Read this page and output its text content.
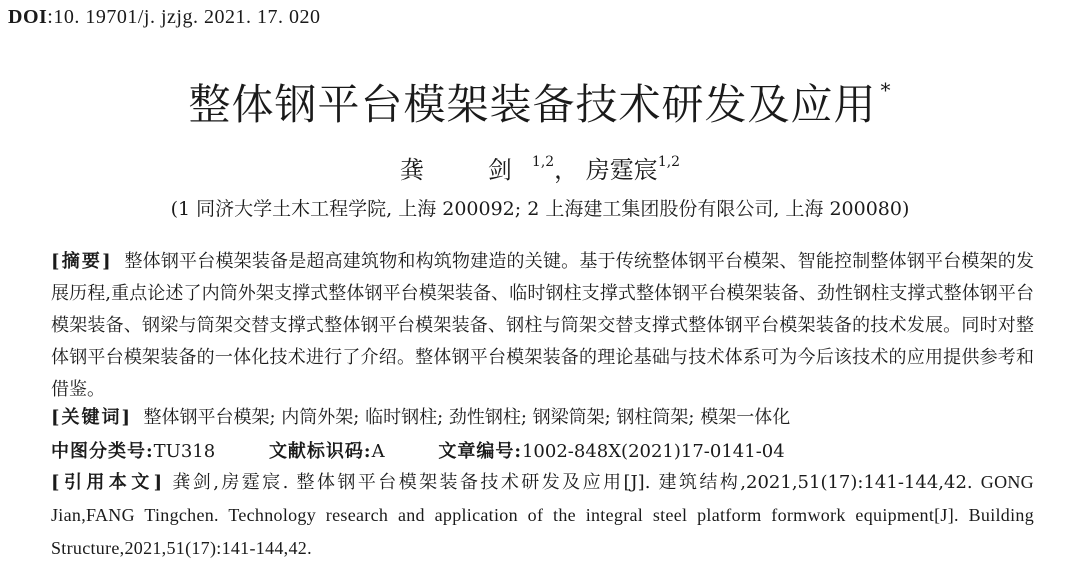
DOI:10. 19701/j. jzjg. 2021. 17. 020
整体钢平台模架装备技术研发及应用 *
龚　剑$^{1,2}$， 房霆宸$^{1,2}$
(1 同济大学土木工程学院, 上海 200092; 2 上海建工集团股份有限公司, 上海 200080)
[摘要] 整体钢平台模架装备是超高建筑物和构筑物建造的关键。基于传统整体钢平台模架、智能控制整体钢平台模架的发展历程,重点论述了内筒外架支撑式整体钢平台模架装备、临时钢柱支撑式整体钢平台模架装备、劲性钢柱支撑式整体钢平台模架装备、钢梁与筒架交替支撑式整体钢平台模架装备、钢柱与筒架交替支撑式整体钢平台模架装备的技术发展。同时对整体钢平台模架装备的一体化技术进行了介绍。整体钢平台模架装备的理论基础与技术体系可为今后该技术的应用提供参考和借鉴。
[关键词] 整体钢平台模架; 内筒外架; 临时钢柱; 劲性钢柱; 钢梁筒架; 钢柱筒架; 模架一体化
中图分类号:TU318	文献标识码:A	文章编号:1002-848X(2021)17-0141-04
[引用本文] 龚剑,房霆宸. 整体钢平台模架装备技术研发及应用[J]. 建筑结构,2021,51(17):141-144,42. GONG Jian,FANG Tingchen. Technology research and application of the integral steel platform formwork equipment[J]. Building Structure,2021,51(17):141-144,42.
